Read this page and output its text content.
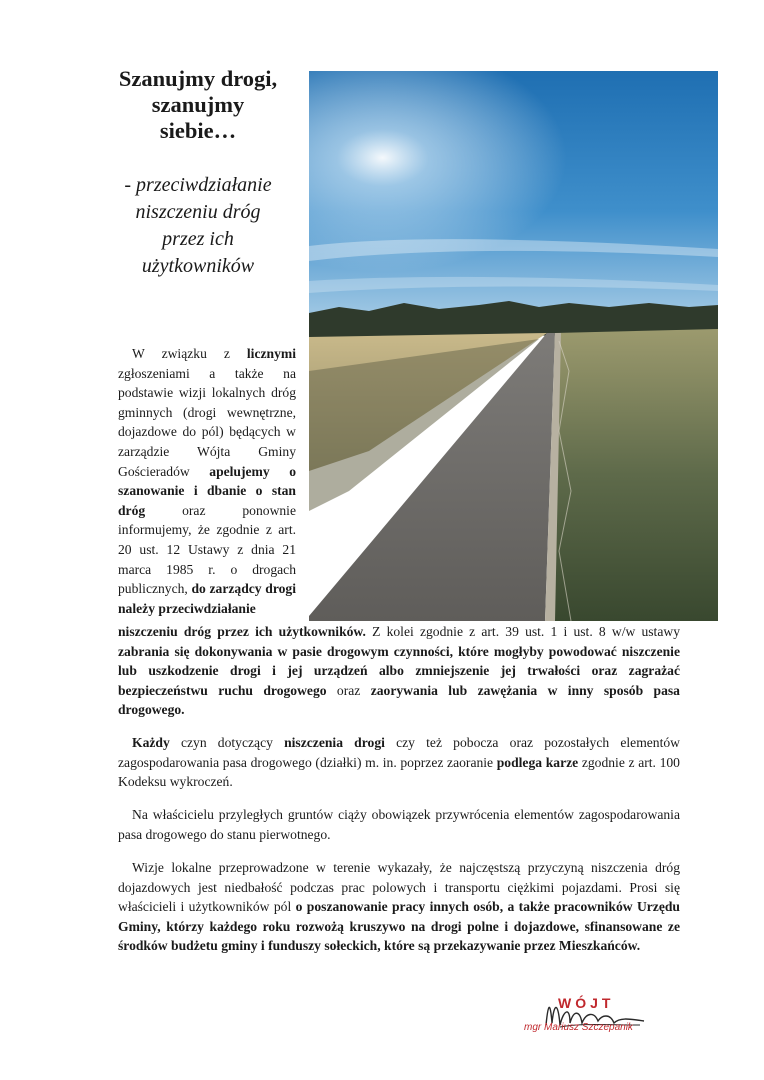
Szanujmy drogi,
szanujmy
siebie…
- przeciwdziałanie
niszczeniu dróg
przez ich
użytkowników
W związku z licznymi zgłoszeniami a także na podstawie wizji lokalnych dróg gminnych (drogi wewnętrzne, dojazdowe do pól) będących w zarządzie Wójta Gminy Gościeradów apelujemy o szanowanie i dbanie o stan dróg oraz ponownie informujemy, że zgodnie z art. 20 ust. 12 Ustawy z dnia 21 marca 1985 r. o drogach publicznych, do zarządcy drogi należy przeciwdziałanie
niszczeniu dróg przez ich użytkowników. Z kolei zgodnie z art. 39 ust. 1 i ust. 8 w/w ustawy zabrania się dokonywania w pasie drogowym czynności, które mogłyby powodować niszczenie lub uszkodzenie drogi i jej urządzeń albo zmniejszenie jej trwałości oraz zagrażać bezpieczeństwu ruchu drogowego oraz zaorywania lub zawężania w inny sposób pasa drogowego.
Każdy czyn dotyczący niszczenia drogi czy też pobocza oraz pozostałych elementów zagospodarowania pasa drogowego (działki) m. in. poprzez zaoranie podlega karze zgodnie z art. 100 Kodeksu wykroczeń.
Na właścicielu przyległych gruntów ciąży obowiązek przywrócenia elementów zagospodarowania pasa drogowego do stanu pierwotnego.
Wizje lokalne przeprowadzone w terenie wykazały, że najczęstszą przyczyną niszczenia dróg dojazdowych jest niedbałość podczas prac polowych i transportu ciężkimi pojazdami. Prosi się właścicieli i użytkowników pól o poszanowanie pracy innych osób, a także pracowników Urzędu Gminy, którzy każdego roku rozwożą kruszywo na drogi polne i dojazdowe, sfinansowane ze środków budżetu gminy i funduszy sołeckich, które są przekazywanie przez Mieszkańców.
WÓJT
mgr Mariusz Szczepanik
